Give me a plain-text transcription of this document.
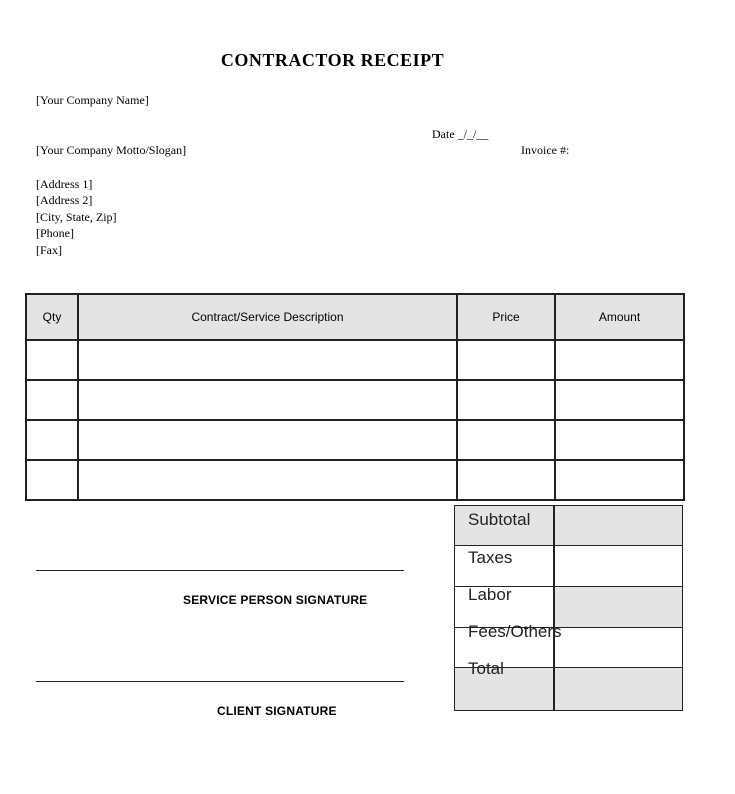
CONTRACTOR RECEIPT
[Your Company Name]
Date _/_/__
[Your Company Motto/Slogan]	Invoice #:
[Address 1]
[Address 2]
[City, State, Zip]
[Phone]
[Fax]
Qty	Contract/Service Description	Price	Amount

Subtotal
Taxes
Labor
Fees/Others
Total
SERVICE PERSON SIGNATURE
CLIENT SIGNATURE
